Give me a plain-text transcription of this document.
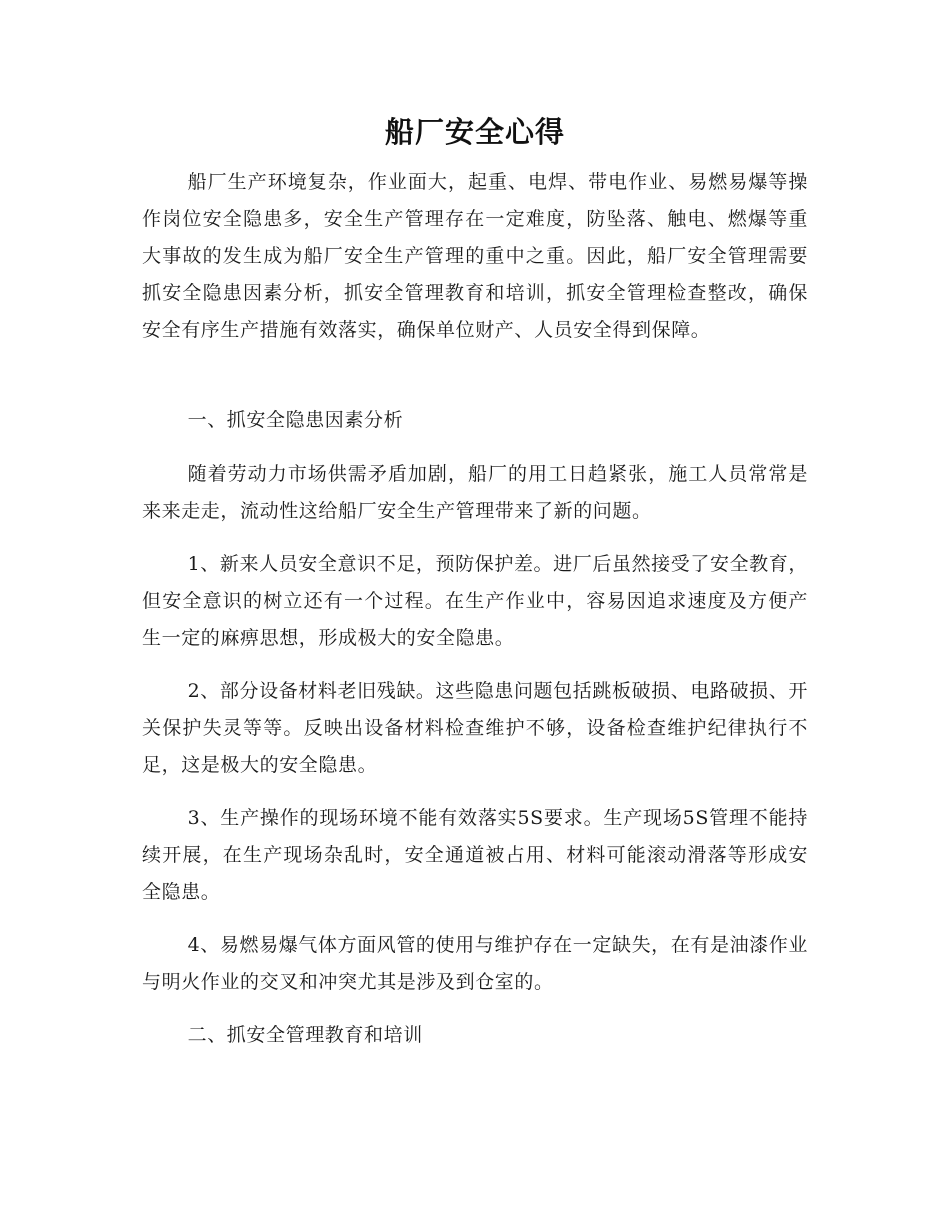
船厂安全心得

船厂生产环境复杂，作业面大，起重、电焊、带电作业、易燃易爆等操作岗位安全隐患多，安全生产管理存在一定难度，防坠落、触电、燃爆等重大事故的发生成为船厂安全生产管理的重中之重。因此，船厂安全管理需要抓安全隐患因素分析，抓安全管理教育和培训，抓安全管理检查整改，确保安全有序生产措施有效落实，确保单位财产、人员安全得到保障。

一、抓安全隐患因素分析

随着劳动力市场供需矛盾加剧，船厂的用工日趋紧张，施工人员常常是来来走走，流动性这给船厂安全生产管理带来了新的问题。

1、新来人员安全意识不足，预防保护差。进厂后虽然接受了安全教育，但安全意识的树立还有一个过程。在生产作业中，容易因追求速度及方便产生一定的麻痹思想，形成极大的安全隐患。

2、部分设备材料老旧残缺。这些隐患问题包括跳板破损、电路破损、开关保护失灵等等。反映出设备材料检查维护不够，设备检查维护纪律执行不足，这是极大的安全隐患。

3、生产操作的现场环境不能有效落实5S要求。生产现场5S管理不能持续开展，在生产现场杂乱时，安全通道被占用、材料可能滚动滑落等形成安全隐患。

4、易燃易爆气体方面风管的使用与维护存在一定缺失，在有是油漆作业与明火作业的交叉和冲突尤其是涉及到仓室的。

二、抓安全管理教育和培训
